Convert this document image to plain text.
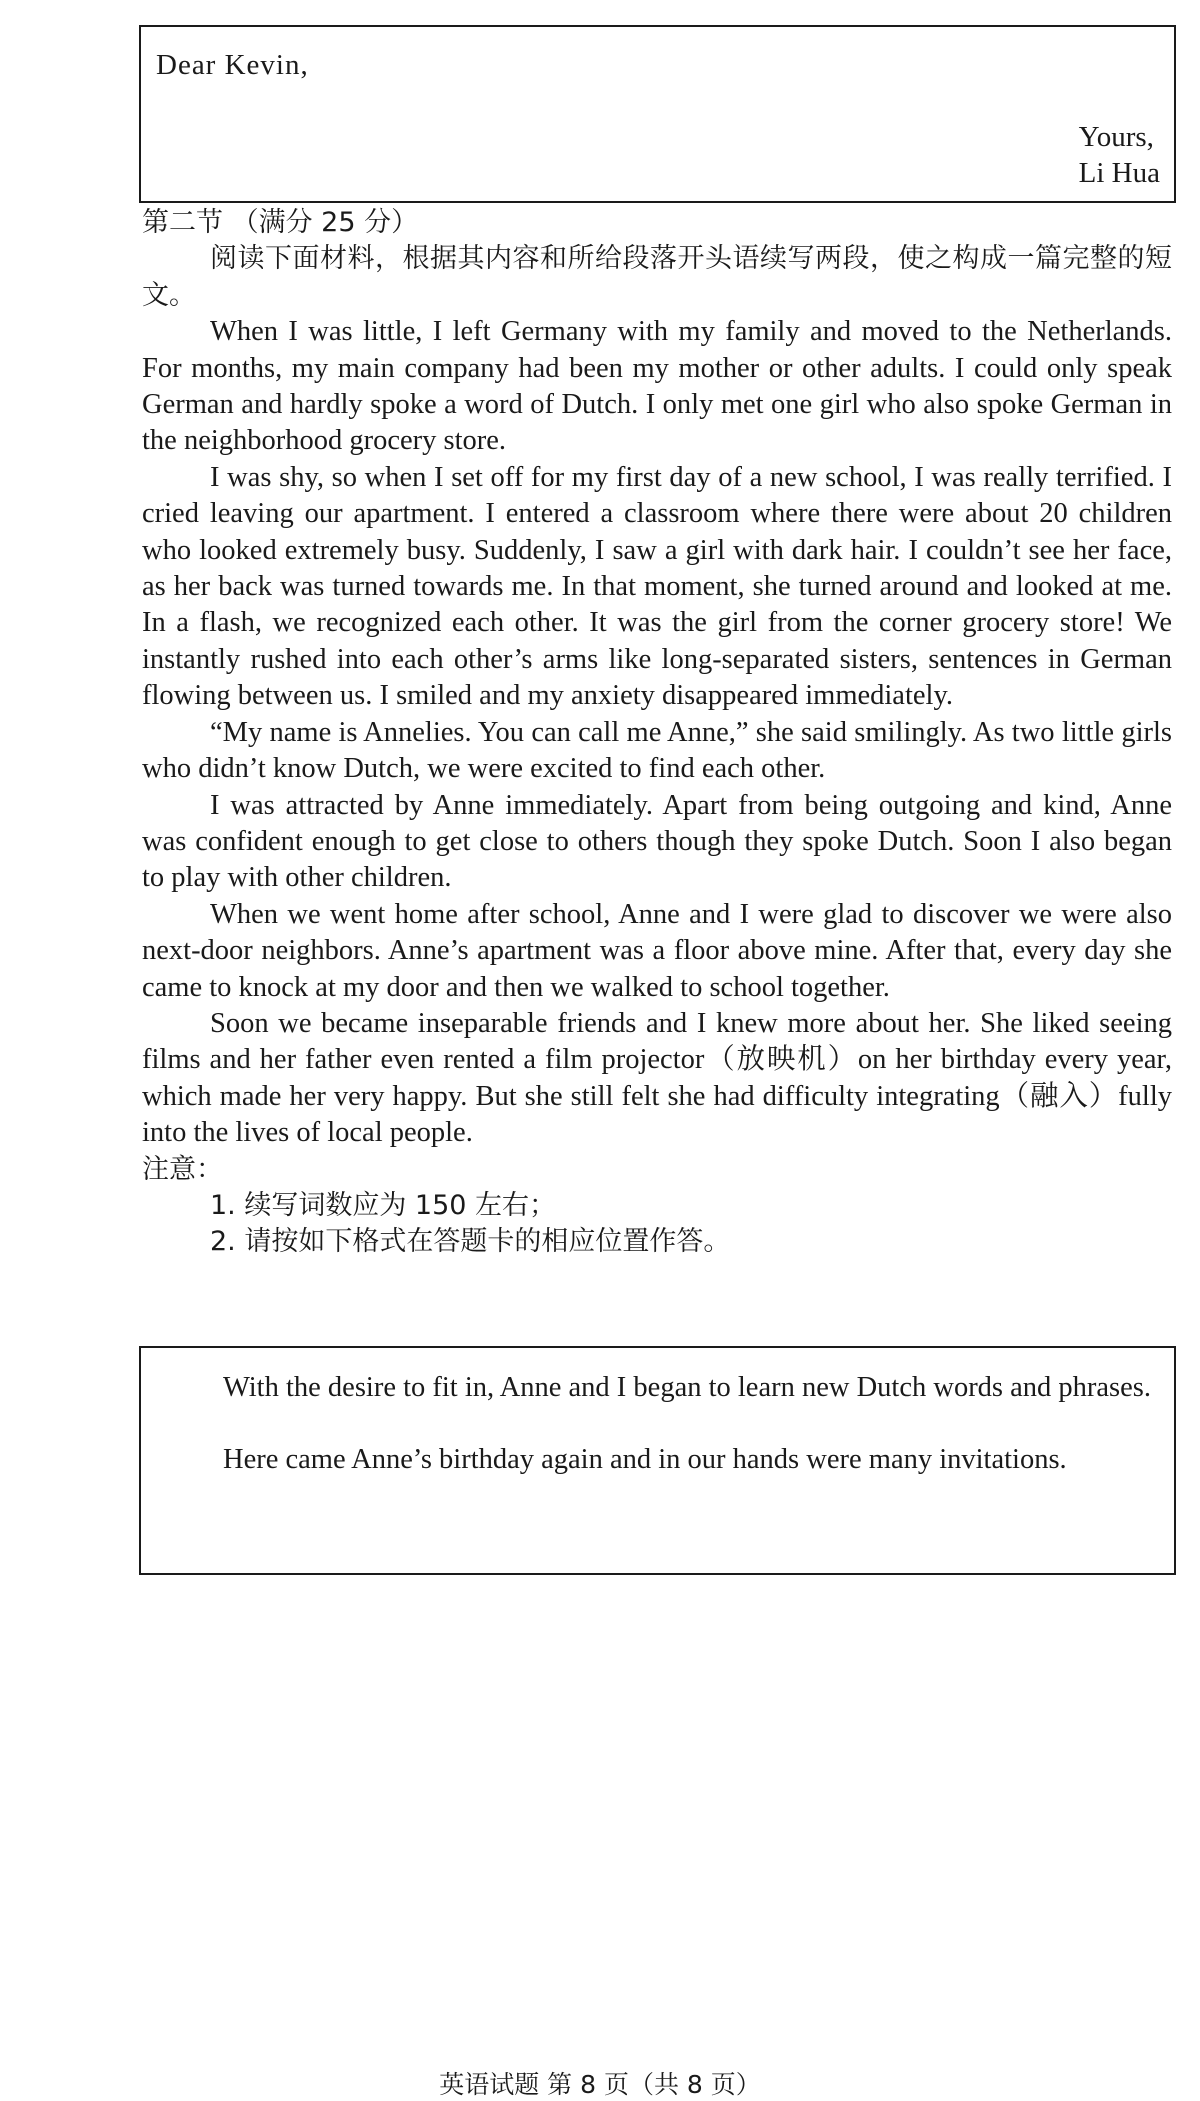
Dear Kevin,
Yours,
Li Hua

第二节 （满分 25 分）

阅读下面材料，根据其内容和所给段落开头语续写两段，使之构成一篇完整的短文。

When I was little, I left Germany with my family and moved to the Netherlands. For months, my main company had been my mother or other adults. I could only speak German and hardly spoke a word of Dutch. I only met one girl who also spoke German in the neighborhood grocery store.

I was shy, so when I set off for my first day of a new school, I was really terrified. I cried leaving our apartment. I entered a classroom where there were about 20 children who looked extremely busy. Suddenly, I saw a girl with dark hair. I couldn’t see her face, as her back was turned towards me. In that moment, she turned around and looked at me. In a flash, we recognized each other. It was the girl from the corner grocery store! We instantly rushed into each other’s arms like long-separated sisters, sentences in German flowing between us. I smiled and my anxiety disappeared immediately.

“My name is Annelies. You can call me Anne,” she said smilingly. As two little girls who didn’t know Dutch, we were excited to find each other.

I was attracted by Anne immediately. Apart from being outgoing and kind, Anne was confident enough to get close to others though they spoke Dutch. Soon I also began to play with other children.

When we went home after school, Anne and I were glad to discover we were also next-door neighbors. Anne’s apartment was a floor above mine. After that, every day she came to knock at my door and then we walked to school together.

Soon we became inseparable friends and I knew more about her. She liked seeing films and her father even rented a film projector（放映机）on her birthday every year, which made her very happy. But she still felt she had difficulty integrating（融入）fully into the lives of local people.

注意：

1. 续写词数应为 150 左右；

2. 请按如下格式在答题卡的相应位置作答。

With the desire to fit in, Anne and I began to learn new Dutch words and phrases.

Here came Anne’s birthday again and in our hands were many invitations.

英语试题 第 8 页（共 8 页）
